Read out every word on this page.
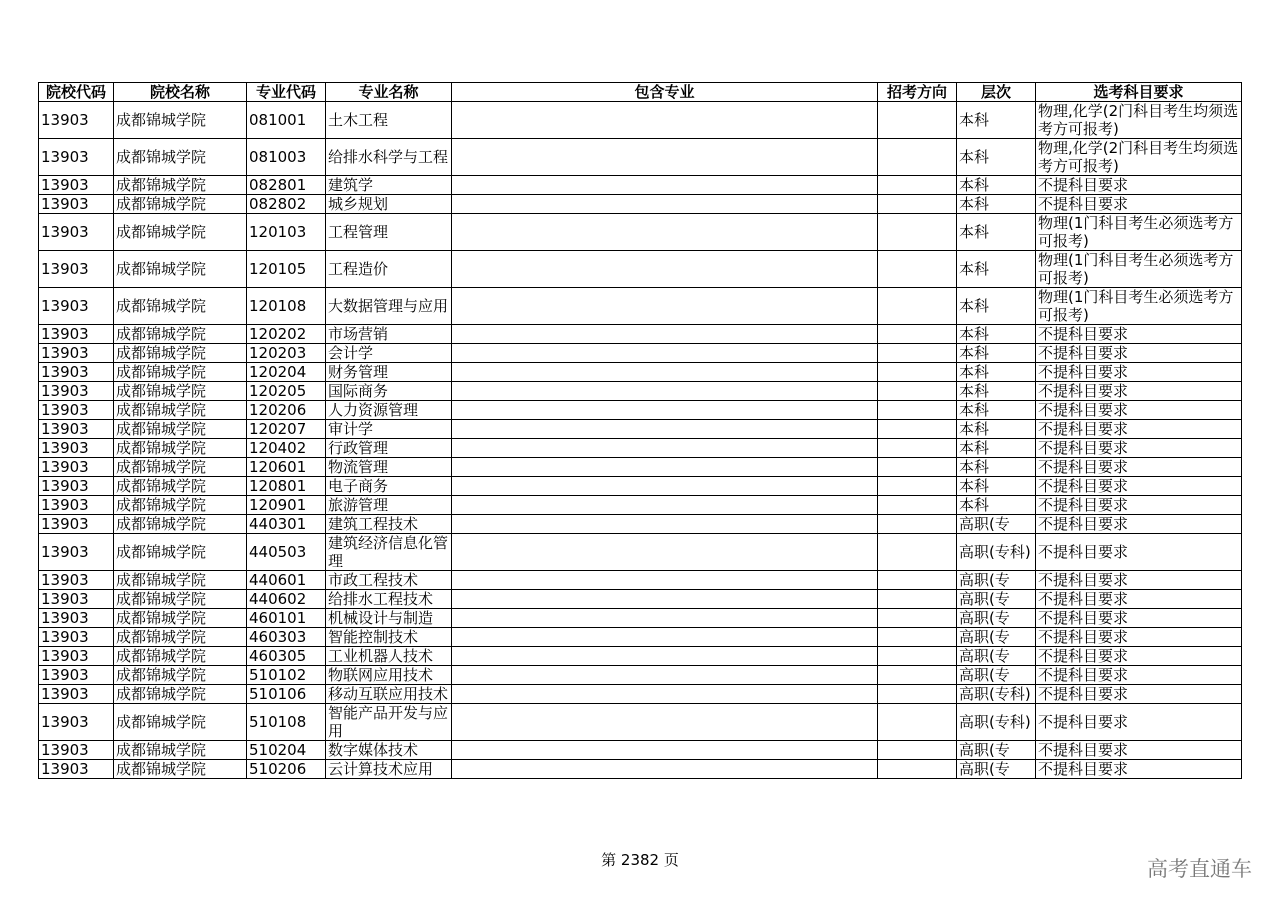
院校代码	院校名称	专业代码	专业名称	包含专业	招考方向	层次	选考科目要求
13903	成都锦城学院	081001	土木工程			本科	物理,化学(2门科目考生均须选考方可报考)
13903	成都锦城学院	081003	给排水科学与工程			本科	物理,化学(2门科目考生均须选考方可报考)
13903	成都锦城学院	082801	建筑学			本科	不提科目要求
13903	成都锦城学院	082802	城乡规划			本科	不提科目要求
13903	成都锦城学院	120103	工程管理			本科	物理(1门科目考生必须选考方可报考)
13903	成都锦城学院	120105	工程造价			本科	物理(1门科目考生必须选考方可报考)
13903	成都锦城学院	120108	大数据管理与应用			本科	物理(1门科目考生必须选考方可报考)
13903	成都锦城学院	120202	市场营销			本科	不提科目要求
13903	成都锦城学院	120203	会计学			本科	不提科目要求
13903	成都锦城学院	120204	财务管理			本科	不提科目要求
13903	成都锦城学院	120205	国际商务			本科	不提科目要求
13903	成都锦城学院	120206	人力资源管理			本科	不提科目要求
13903	成都锦城学院	120207	审计学			本科	不提科目要求
13903	成都锦城学院	120402	行政管理			本科	不提科目要求
13903	成都锦城学院	120601	物流管理			本科	不提科目要求
13903	成都锦城学院	120801	电子商务			本科	不提科目要求
13903	成都锦城学院	120901	旅游管理			本科	不提科目要求
13903	成都锦城学院	440301	建筑工程技术			高职(专	不提科目要求
13903	成都锦城学院	440503	建筑经济信息化管理			高职(专科)	不提科目要求
13903	成都锦城学院	440601	市政工程技术			高职(专	不提科目要求
13903	成都锦城学院	440602	给排水工程技术			高职(专	不提科目要求
13903	成都锦城学院	460101	机械设计与制造			高职(专	不提科目要求
13903	成都锦城学院	460303	智能控制技术			高职(专	不提科目要求
13903	成都锦城学院	460305	工业机器人技术			高职(专	不提科目要求
13903	成都锦城学院	510102	物联网应用技术			高职(专	不提科目要求
13903	成都锦城学院	510106	移动互联应用技术			高职(专科)	不提科目要求
13903	成都锦城学院	510108	智能产品开发与应用			高职(专科)	不提科目要求
13903	成都锦城学院	510204	数字媒体技术			高职(专	不提科目要求
13903	成都锦城学院	510206	云计算技术应用			高职(专	不提科目要求
第 2382 页	高考直通车
